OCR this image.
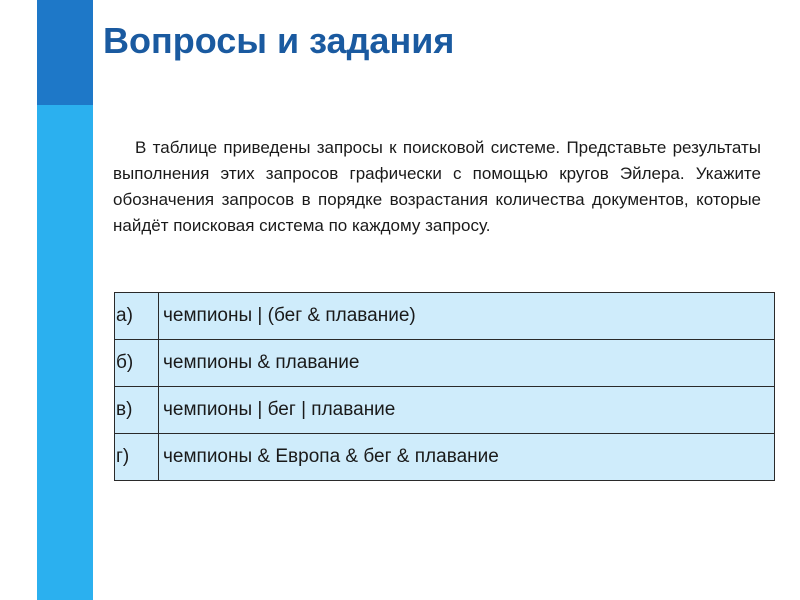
Вопросы и задания
В таблице приведены запросы к поисковой системе. Представьте результаты выполнения этих запросов графически с помощью кругов Эйлера. Укажите обозначения запросов в порядке возрастания количества документов, которые найдёт поисковая система по каждому запросу.
а)	чемпионы | (бег & плавание)
б)	чемпионы & плавание
в)	чемпионы | бег | плавание
г)	чемпионы & Европа & бег & плавание
